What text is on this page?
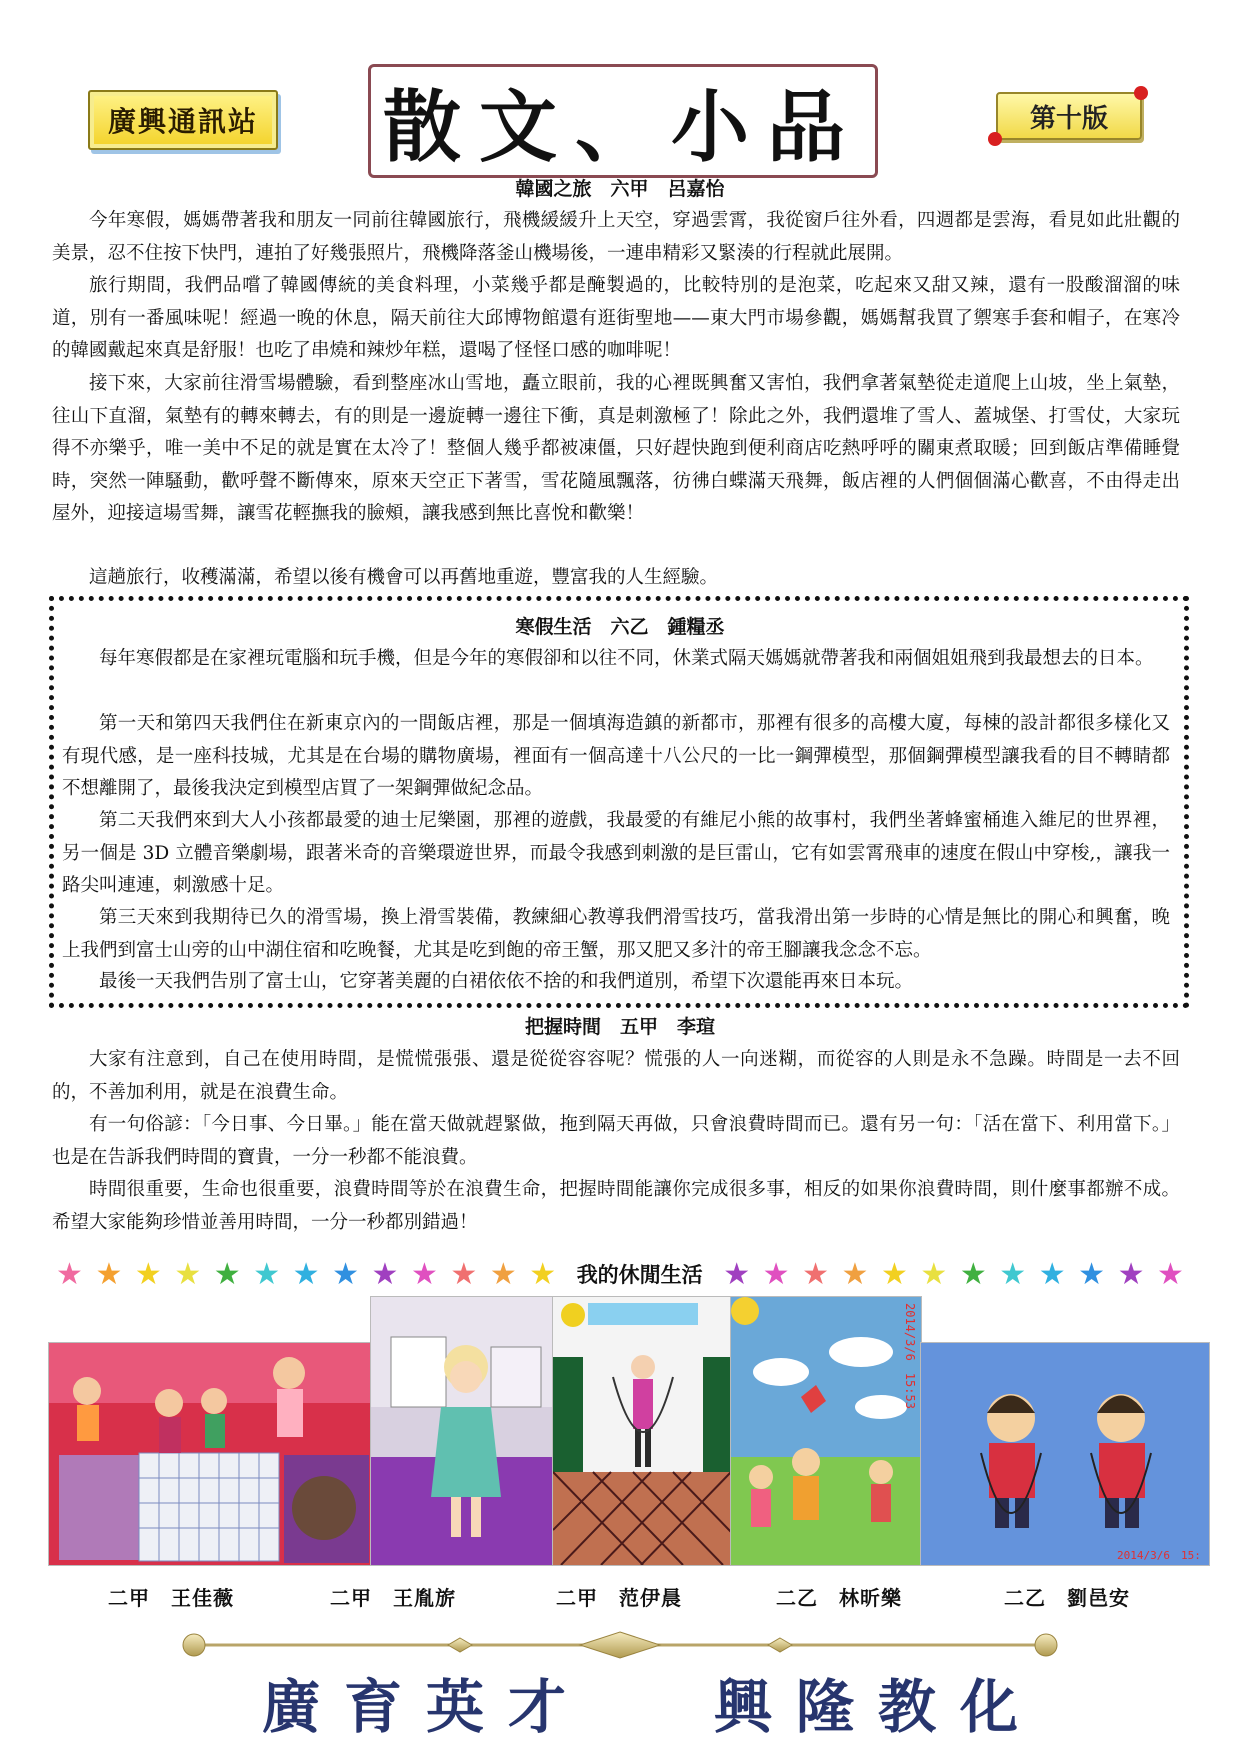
廣興通訊站 散文、小品	第十版
韓國之旅　六甲　呂嘉怡

今年寒假，媽媽帶著我和朋友一同前往韓國旅行，飛機緩緩升上天空，穿過雲霄，我從窗戶往外看，四週都是雲海，看見如此壯觀的美景，忍不住按下快門，連拍了好幾張照片，飛機降落釜山機場後，一連串精彩又緊湊的行程就此展開。

旅行期間，我們品嚐了韓國傳統的美食料理，小菜幾乎都是醃製過的，比較特別的是泡菜，吃起來又甜又辣，還有一股酸溜溜的味道，別有一番風味呢！經過一晚的休息，隔天前往大邱博物館還有逛街聖地——東大門市場參觀，媽媽幫我買了禦寒手套和帽子，在寒冷的韓國戴起來真是舒服！也吃了串燒和辣炒年糕，還喝了怪怪口感的咖啡呢！

接下來，大家前往滑雪場體驗，看到整座冰山雪地，矗立眼前，我的心裡既興奮又害怕，我們拿著氣墊從走道爬上山坡，坐上氣墊，往山下直溜，氣墊有的轉來轉去，有的則是一邊旋轉一邊往下衝，真是刺激極了！除此之外，我們還堆了雪人、蓋城堡、打雪仗，大家玩得不亦樂乎，唯一美中不足的就是實在太冷了！整個人幾乎都被凍僵，只好趕快跑到便利商店吃熱呼呼的關東煮取暖；回到飯店準備睡覺時，突然一陣騷動，歡呼聲不斷傳來，原來天空正下著雪，雪花隨風飄落，彷彿白蝶滿天飛舞，飯店裡的人們個個滿心歡喜，不由得走出屋外，迎接這場雪舞，讓雪花輕撫我的臉頰，讓我感到無比喜悅和歡樂！

這趟旅行，收穫滿滿，希望以後有機會可以再舊地重遊，豐富我的人生經驗。

寒假生活　六乙　鍾糧丞

每年寒假都是在家裡玩電腦和玩手機，但是今年的寒假卻和以往不同，休業式隔天媽媽就帶著我和兩個姐姐飛到我最想去的日本。

第一天和第四天我們住在新東京內的一間飯店裡，那是一個填海造鎮的新都市，那裡有很多的高樓大廈，每棟的設計都很多樣化又有現代感，是一座科技城，尤其是在台場的購物廣場，裡面有一個高達十八公尺的一比一鋼彈模型，那個鋼彈模型讓我看的目不轉睛都不想離開了，最後我決定到模型店買了一架鋼彈做紀念品。

第二天我們來到大人小孩都最愛的迪士尼樂園，那裡的遊戲，我最愛的有維尼小熊的故事村，我們坐著蜂蜜桶進入維尼的世界裡，另一個是 3D 立體音樂劇場，跟著米奇的音樂環遊世界，而最令我感到刺激的是巨雷山，它有如雲霄飛車的速度在假山中穿梭,，讓我一路尖叫連連，刺激感十足。

第三天來到我期待已久的滑雪場，換上滑雪裝備，教練細心教導我們滑雪技巧，當我滑出第一步時的心情是無比的開心和興奮，晚上我們到富士山旁的山中湖住宿和吃晚餐，尤其是吃到飽的帝王蟹，那又肥又多汁的帝王腳讓我念念不忘。

最後一天我們告別了富士山，它穿著美麗的白裙依依不捨的和我們道別，希望下次還能再來日本玩。

把握時間　五甲　李瑄

大家有注意到，自己在使用時間，是慌慌張張、還是從從容容呢？慌張的人一向迷糊，而從容的人則是永不急躁。時間是一去不回的，不善加利用，就是在浪費生命。

有一句俗諺：「今日事、今日畢。」能在當天做就趕緊做，拖到隔天再做，只會浪費時間而已。還有另一句：「活在當下、利用當下。」也是在告訴我們時間的寶貴，一分一秒都不能浪費。

時間很重要，生命也很重要，浪費時間等於在浪費生命，把握時間能讓你完成很多事，相反的如果你浪費時間，則什麼事都辦不成。希望大家能夠珍惜並善用時間，一分一秒都別錯過！

★ ★ ★ ★ ★ ★ ★ ★ ★ ★ ★ ★ ★ 我的休閒生活 ★ ★ ★ ★ ★ ★ ★ ★ ★ ★ ★ ★
2014/3/6　15:53
2014/3/6　15:
二甲　王佳薇	二甲　王胤旂	二甲　范伊晨	二乙　林昕樂	二乙　劉邑安
廣育英才 興隆教化
